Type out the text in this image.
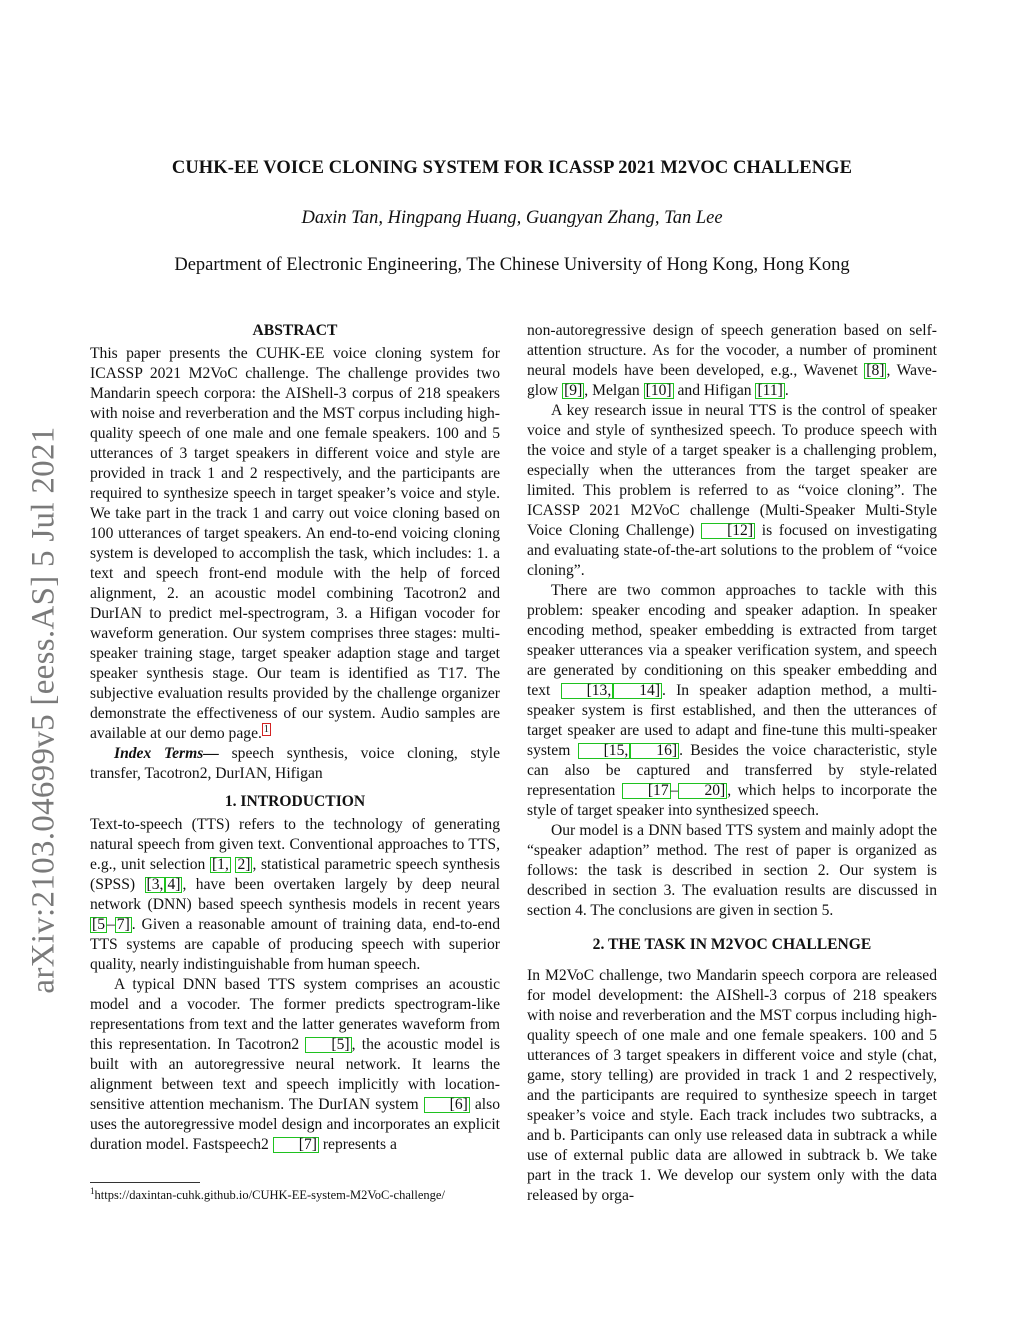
arXiv:2103.04699v5 [eess.AS] 5 Jul 2021
CUHK-EE VOICE CLONING SYSTEM FOR ICASSP 2021 M2VOC CHALLENGE
Daxin Tan, Hingpang Huang, Guangyan Zhang, Tan Lee
Department of Electronic Engineering, The Chinese University of Hong Kong, Hong Kong
ABSTRACT

This paper presents the CUHK-EE voice cloning system for ICASSP 2021 M2VoC challenge. The challenge provides two Mandarin speech corpora: the AIShell-3 corpus of 218 speakers with noise and reverberation and the MST corpus including high-quality speech of one male and one female speakers. 100 and 5 utterances of 3 target speakers in different voice and style are provided in track 1 and 2 respectively, and the participants are required to synthesize speech in target speaker’s voice and style. We take part in the track 1 and carry out voice cloning based on 100 utterances of target speakers. An end-to-end voicing cloning system is developed to accomplish the task, which includes: 1. a text and speech front-end module with the help of forced alignment, 2. an acoustic model combining Tacotron2 and DurIAN to predict mel-spectrogram, 3. a Hifigan vocoder for waveform generation. Our system comprises three stages: multi-speaker training stage, target speaker adaption stage and target speaker synthesis stage. Our team is identified as T17. The subjective evaluation results provided by the challenge organizer demonstrate the effectiveness of our system. Audio samples are available at our demo page. $^1$

Index Terms— speech synthesis, voice cloning, style transfer, Tacotron2, DurIAN, Hifigan

1. INTRODUCTION

Text-to-speech (TTS) refers to the technology of generating natural speech from given text. Conventional approaches to TTS, e.g., unit selection [1, 2] , statistical parametric speech synthesis (SPSS) [3, 4] , have been overtaken largely by deep neural network (DNN) based speech synthesis models in recent years [5 – 7] . Given a reasonable amount of training data, end-to-end TTS systems are capable of producing speech with superior quality, nearly indistinguishable from human speech.

A typical DNN based TTS system comprises an acoustic model and a vocoder. The former predicts spectrogram-like representations from text and the latter generates waveform from this representation. In Tacotron2 [5] , the acoustic model is built with an autoregressive neural network. It learns the alignment between text and speech implicitly with location-sensitive attention mechanism. The DurIAN system [6] also uses the autoregressive model design and incorporates an explicit duration model. Fastspeech2 [7] represents a

$^1$https://daxintan-cuhk.github.io/CUHK-EE-system-M2VoC-challenge/

non-autoregressive design of speech generation based on self-attention structure. As for the vocoder, a number of prominent neural models have been developed, e.g., Wavenet [8] , Wave-glow [9] , Melgan [10] and Hifigan [11] .

A key research issue in neural TTS is the control of speaker voice and style of synthesized speech. To produce speech with the voice and style of a target speaker is a challenging problem, especially when the utterances from the target speaker are limited. This problem is referred to as “voice cloning”. The ICASSP 2021 M2VoC challenge (Multi-Speaker Multi-Style Voice Cloning Challenge) [12] is focused on investigating and evaluating state-of-the-art solutions to the problem of “voice cloning”.

There are two common approaches to tackle with this problem: speaker encoding and speaker adaption. In speaker encoding method, speaker embedding is extracted from target speaker utterances via a speaker verification system, and speech are generated by conditioning on this speaker embedding and text [13, 14] . In speaker adaption method, a multi-speaker system is first established, and then the utterances of target speaker are used to adapt and fine-tune this multi-speaker system [15, 16] . Besides the voice characteristic, style can also be captured and transferred by style-related representation [17 – 20] , which helps to incorporate the style of target speaker into synthesized speech.

Our model is a DNN based TTS system and mainly adopt the “speaker adaption” method. The rest of paper is organized as follows: the task is described in section 2. Our system is described in section 3. The evaluation results are discussed in section 4. The conclusions are given in section 5.

2. THE TASK IN M2VOC CHALLENGE

In M2VoC challenge, two Mandarin speech corpora are released for model development: the AIShell-3 corpus of 218 speakers with noise and reverberation and the MST corpus including high-quality speech of one male and one female speakers. 100 and 5 utterances of 3 target speakers in different voice and style (chat, game, story telling) are provided in track 1 and 2 respectively, and the participants are required to synthesize speech in target speaker’s voice and style. Each track includes two subtracks, a and b. Participants can only use released data in subtrack a while use of external public data are allowed in subtrack b. We take part in the track 1. We develop our system only with the data released by orga-
